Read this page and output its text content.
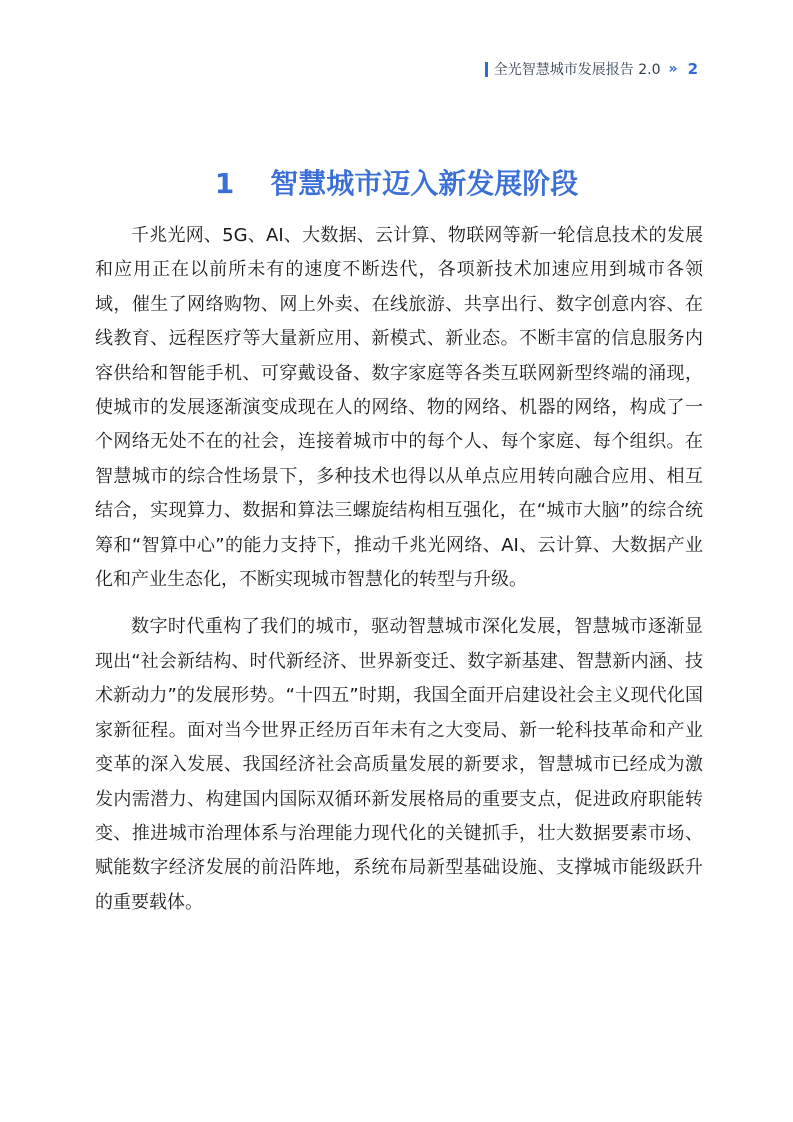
全光智慧城市发展报告 2.0 » 2
1 智慧城市迈入新发展阶段

千兆光网、5G、AI、大数据、云计算、物联网等新一轮信息技术的发展和应用正在以前所未有的速度不断迭代，各项新技术加速应用到城市各领域，催生了网络购物、网上外卖、在线旅游、共享出行、数字创意内容、在线教育、远程医疗等大量新应用、新模式、新业态。不断丰富的信息服务内容供给和智能手机、可穿戴设备、数字家庭等各类互联网新型终端的涌现，使城市的发展逐渐演变成现在人的网络、物的网络、机器的网络，构成了一个网络无处不在的社会，连接着城市中的每个人、每个家庭、每个组织。在智慧城市的综合性场景下，多种技术也得以从单点应用转向融合应用、相互结合，实现算力、数据和算法三螺旋结构相互强化，在“城市大脑”的综合统筹和“智算中心”的能力支持下，推动千兆光网络、AI、云计算、大数据产业化和产业生态化，不断实现城市智慧化的转型与升级。

数字时代重构了我们的城市，驱动智慧城市深化发展，智慧城市逐渐显现出“社会新结构、时代新经济、世界新变迁、数字新基建、智慧新内涵、技术新动力”的发展形势。“十四五”时期，我国全面开启建设社会主义现代化国家新征程。面对当今世界正经历百年未有之大变局、新一轮科技革命和产业变革的深入发展、我国经济社会高质量发展的新要求，智慧城市已经成为激发内需潜力、构建国内国际双循环新发展格局的重要支点，促进政府职能转变、推进城市治理体系与治理能力现代化的关键抓手，壮大数据要素市场、赋能数字经济发展的前沿阵地，系统布局新型基础设施、支撑城市能级跃升的重要载体。
